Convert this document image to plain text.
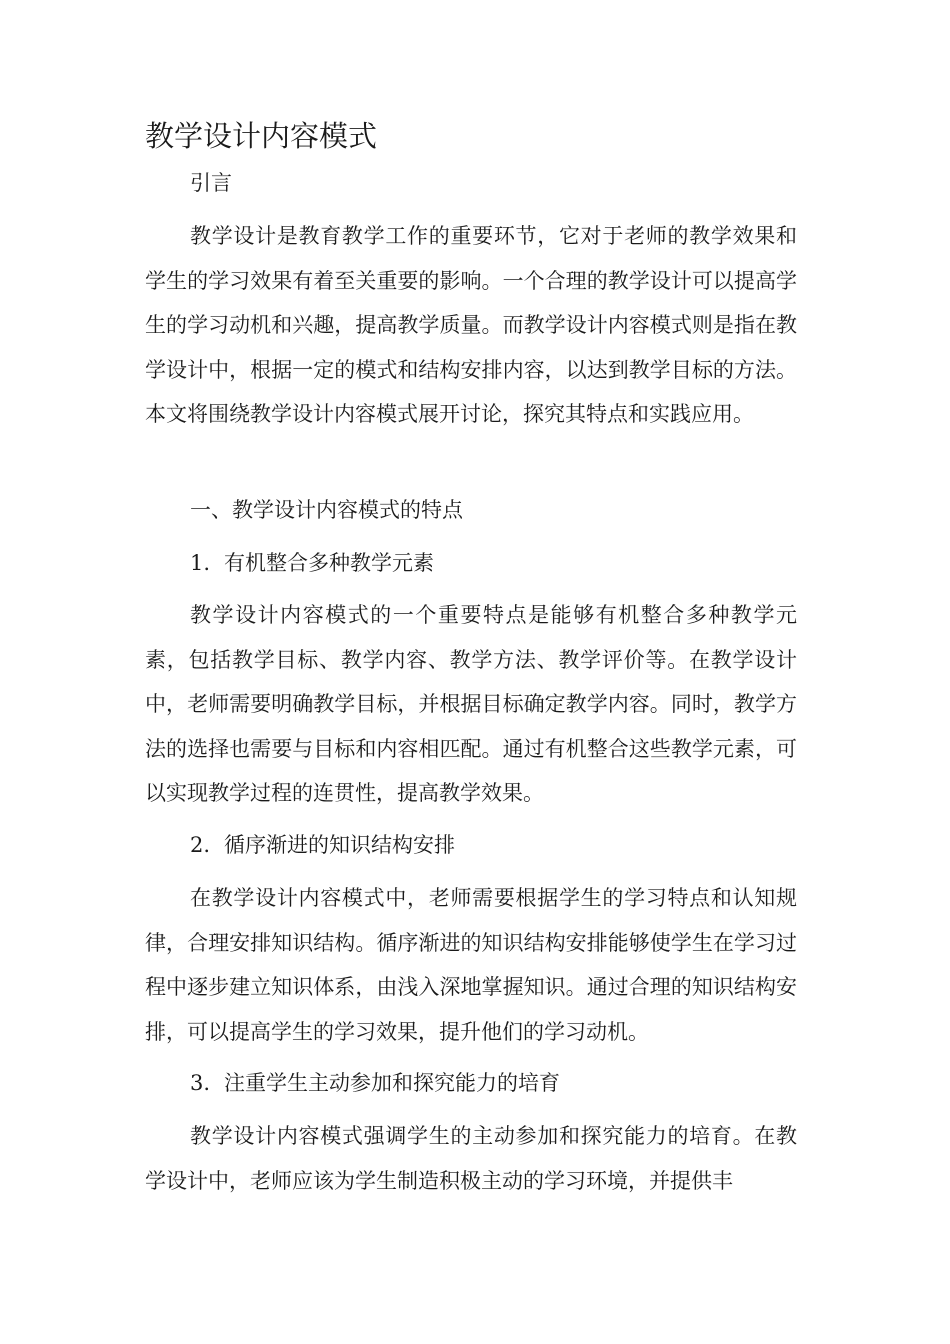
教学设计内容模式

引言

教学设计是教育教学工作的重要环节，它对于老师的教学效果和学生的学习效果有着至关重要的影响。一个合理的教学设计可以提高学生的学习动机和兴趣，提高教学质量。而教学设计内容模式则是指在教学设计中，根据一定的模式和结构安排内容，以达到教学目标的方法。本文将围绕教学设计内容模式展开讨论，探究其特点和实践应用。

一、教学设计内容模式的特点

1. 有机整合多种教学元素

教学设计内容模式的一个重要特点是能够有机整合多种教学元素，包括教学目标、教学内容、教学方法、教学评价等。在教学设计中，老师需要明确教学目标，并根据目标确定教学内容。同时，教学方法的选择也需要与目标和内容相匹配。通过有机整合这些教学元素，可以实现教学过程的连贯性，提高教学效果。

2. 循序渐进的知识结构安排

在教学设计内容模式中，老师需要根据学生的学习特点和认知规律，合理安排知识结构。循序渐进的知识结构安排能够使学生在学习过程中逐步建立知识体系，由浅入深地掌握知识。通过合理的知识结构安排，可以提高学生的学习效果，提升他们的学习动机。

3. 注重学生主动参加和探究能力的培育

教学设计内容模式强调学生的主动参加和探究能力的培育。在教学设计中，老师应该为学生制造积极主动的学习环境，并提供丰
